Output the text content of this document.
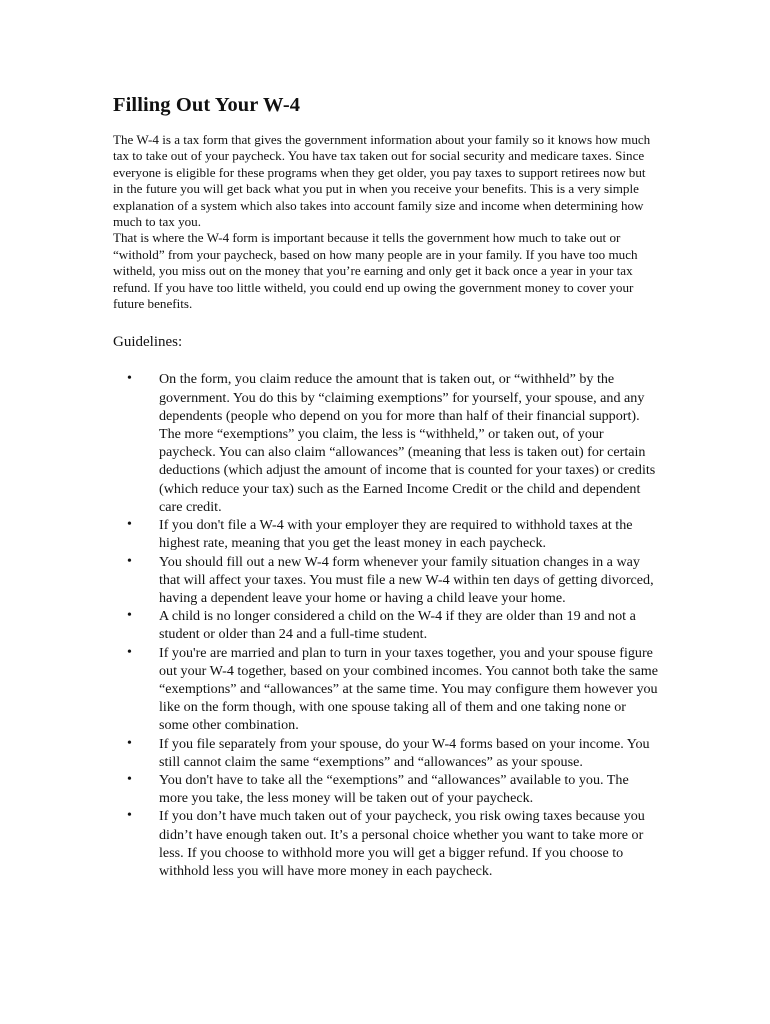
Filling Out Your W-4

The W-4 is a tax form that gives the government information about your family so it knows how much tax to take out of your paycheck. You have tax taken out for social security and medicare taxes. Since everyone is eligible for these programs when they get older, you pay taxes to support retirees now but in the future you will get back what you put in when you receive your benefits. This is a very simple explanation of a system which also takes into account family size and income when determining how much to tax you.

That is where the W-4 form is important because it tells the government how much to take out or “withold” from your paycheck, based on how many people are in your family. If you have too much witheld, you miss out on the money that you’re earning and only get it back once a year in your tax refund. If you have too little witheld, you could end up owing the government money to cover your future benefits.

Guidelines:
• On the form, you claim reduce the amount that is taken out, or “withheld” by the government. You do this by “claiming exemptions” for yourself, your spouse, and any dependents (people who depend on you for more than half of their financial support). The more “exemptions” you claim, the less is “withheld,” or taken out, of your paycheck. You can also claim “allowances” (meaning that less is taken out) for certain deductions (which adjust the amount of income that is counted for your taxes) or credits (which reduce your tax) such as the Earned Income Credit or the child and dependent care credit.
• If you don't file a W-4 with your employer they are required to withhold taxes at the highest rate, meaning that you get the least money in each paycheck.
• You should fill out a new W-4 form whenever your family situation changes in a way that will affect your taxes. You must file a new W-4 within ten days of getting divorced, having a dependent leave your home or having a child leave your home.
• A child is no longer considered a child on the W-4 if they are older than 19 and not a student or older than 24 and a full-time student.
• If you're are married and plan to turn in your taxes together, you and your spouse figure out your W-4 together, based on your combined incomes. You cannot both take the same “exemptions” and “allowances” at the same time. You may configure them however you like on the form though, with one spouse taking all of them and one taking none or some other combination.
• If you file separately from your spouse, do your W-4 forms based on your income. You still cannot claim the same “exemptions” and “allowances” as your spouse.
• You don't have to take all the “exemptions” and “allowances” available to you. The more you take, the less money will be taken out of your paycheck.
• If you don’t have much taken out of your paycheck, you risk owing taxes because you didn’t have enough taken out. It’s a personal choice whether you want to take more or less. If you choose to withhold more you will get a bigger refund. If you choose to withhold less you will have more money in each paycheck.
